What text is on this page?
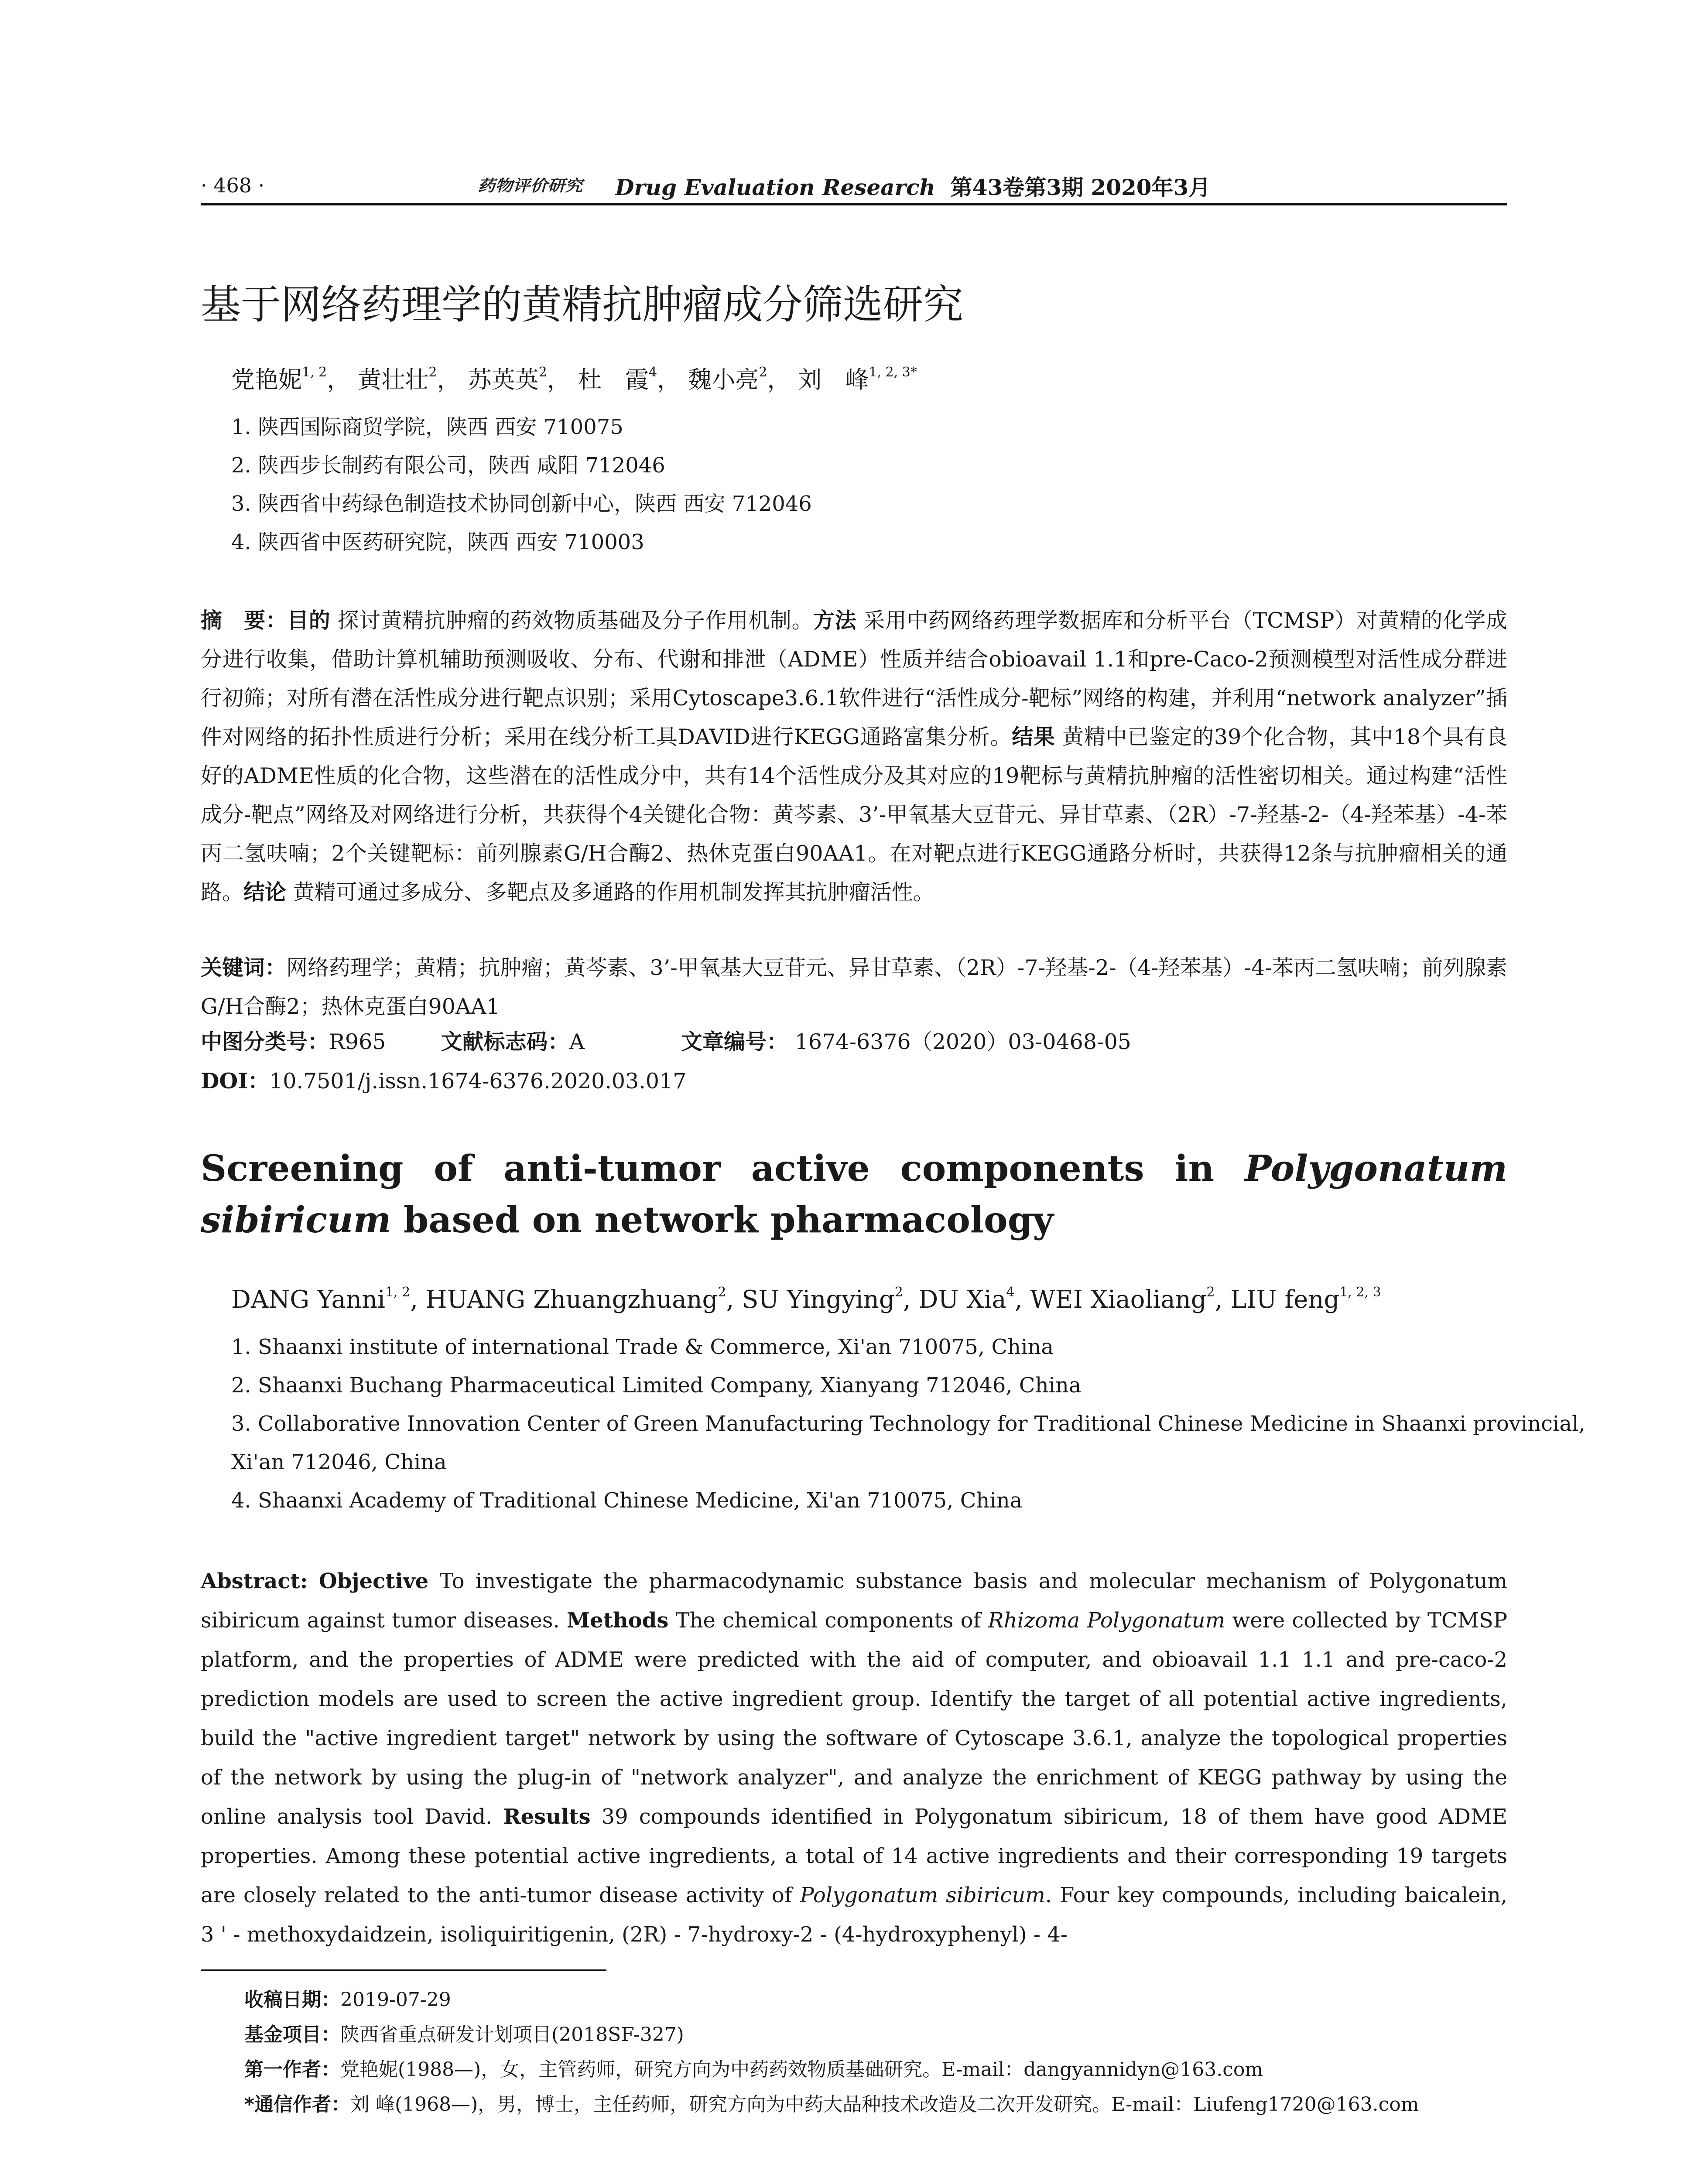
· 468 ·	药物评价研究 Drug Evaluation Research 第43卷第3期 2020年3月
基于网络药理学的黄精抗肿瘤成分筛选研究
党艳妮$^{1, 2}$， 黄壮壮$^2$， 苏英英$^2$， 杜　霞$^4$， 魏小亮$^2$， 刘　峰$^{1, 2, 3*}$
1. 陕西国际商贸学院，陕西 西安 710075
2. 陕西步长制药有限公司，陕西 咸阳 712046
3. 陕西省中药绿色制造技术协同创新中心，陕西 西安 712046
4. 陕西省中医药研究院，陕西 西安 710003
摘　要：目的 探讨黄精抗肿瘤的药效物质基础及分子作用机制。方法 采用中药网络药理学数据库和分析平台（TCMSP）对黄精的化学成分进行收集，借助计算机辅助预测吸收、分布、代谢和排泄（ADME）性质并结合obioavail 1.1和pre-Caco-2预测模型对活性成分群进行初筛；对所有潜在活性成分进行靶点识别；采用Cytoscape3.6.1软件进行“活性成分-靶标”网络的构建，并利用“network analyzer”插件对网络的拓扑性质进行分析；采用在线分析工具DAVID进行KEGG通路富集分析。结果 黄精中已鉴定的39个化合物，其中18个具有良好的ADME性质的化合物，这些潜在的活性成分中，共有14个活性成分及其对应的19靶标与黄精抗肿瘤的活性密切相关。通过构建“活性成分-靶点”网络及对网络进行分析，共获得个4关键化合物：黄芩素、3’-甲氧基大豆苷元、异甘草素、（2R）-7-羟基-2-（4-羟苯基）-4-苯丙二氢呋喃；2个关键靶标：前列腺素G/H合酶2、热休克蛋白90AA1。在对靶点进行KEGG通路分析时，共获得12条与抗肿瘤相关的通路。结论 黄精可通过多成分、多靶点及多通路的作用机制发挥其抗肿瘤活性。
关键词：网络药理学；黄精；抗肿瘤；黄芩素、3’-甲氧基大豆苷元、异甘草素、（2R）-7-羟基-2-（4-羟苯基）-4-苯丙二氢呋喃；前列腺素G/H合酶2；热休克蛋白90AA1
中图分类号：R965	文献标志码：A	文章编号： 1674-6376（2020）03-0468-05
DOI：10.7501/j.issn.1674-6376.2020.03.017
Screening of anti-tumor active components in Polygonatum sibiricum based on network pharmacology
DANG Yanni$^{1, 2}$, HUANG Zhuangzhuang$^2$, SU Yingying$^2$, DU Xia$^4$, WEI Xiaoliang$^2$, LIU feng$^{1, 2, 3}$
1. Shaanxi institute of international Trade & Commerce, Xi'an 710075, China
2. Shaanxi Buchang Pharmaceutical Limited Company, Xianyang 712046, China
3. Collaborative Innovation Center of Green Manufacturing Technology for Traditional Chinese Medicine in Shaanxi provincial,
Xi'an 712046, China
4. Shaanxi Academy of Traditional Chinese Medicine, Xi'an 710075, China
Abstract: Objective To investigate the pharmacodynamic substance basis and molecular mechanism of Polygonatum sibiricum against tumor diseases. Methods The chemical components of Rhizoma Polygonatum were collected by TCMSP platform, and the properties of ADME were predicted with the aid of computer, and obioavail 1.1 1.1 and pre-caco-2 prediction models are used to screen the active ingredient group. Identify the target of all potential active ingredients, build the "active ingredient target" network by using the software of Cytoscape 3.6.1, analyze the topological properties of the network by using the plug-in of "network analyzer", and analyze the enrichment of KEGG pathway by using the online analysis tool David. Results 39 compounds identified in Polygonatum sibiricum, 18 of them have good ADME properties. Among these potential active ingredients, a total of 14 active ingredients and their corresponding 19 targets are closely related to the anti-tumor disease activity of Polygonatum sibiricum. Four key compounds, including baicalein, 3 ' - methoxydaidzein, isoliquiritigenin, (2R) - 7-hydroxy-2 - (4-hydroxyphenyl) - 4-
收稿日期：2019-07-29
基金项目：陕西省重点研发计划项目(2018SF-327)
第一作者：党艳妮(1988—)，女，主管药师，研究方向为中药药效物质基础研究。E-mail：dangyannidyn@163.com
*通信作者：刘 峰(1968—)，男，博士，主任药师，研究方向为中药大品种技术改造及二次开发研究。E-mail：Liufeng1720@163.com
